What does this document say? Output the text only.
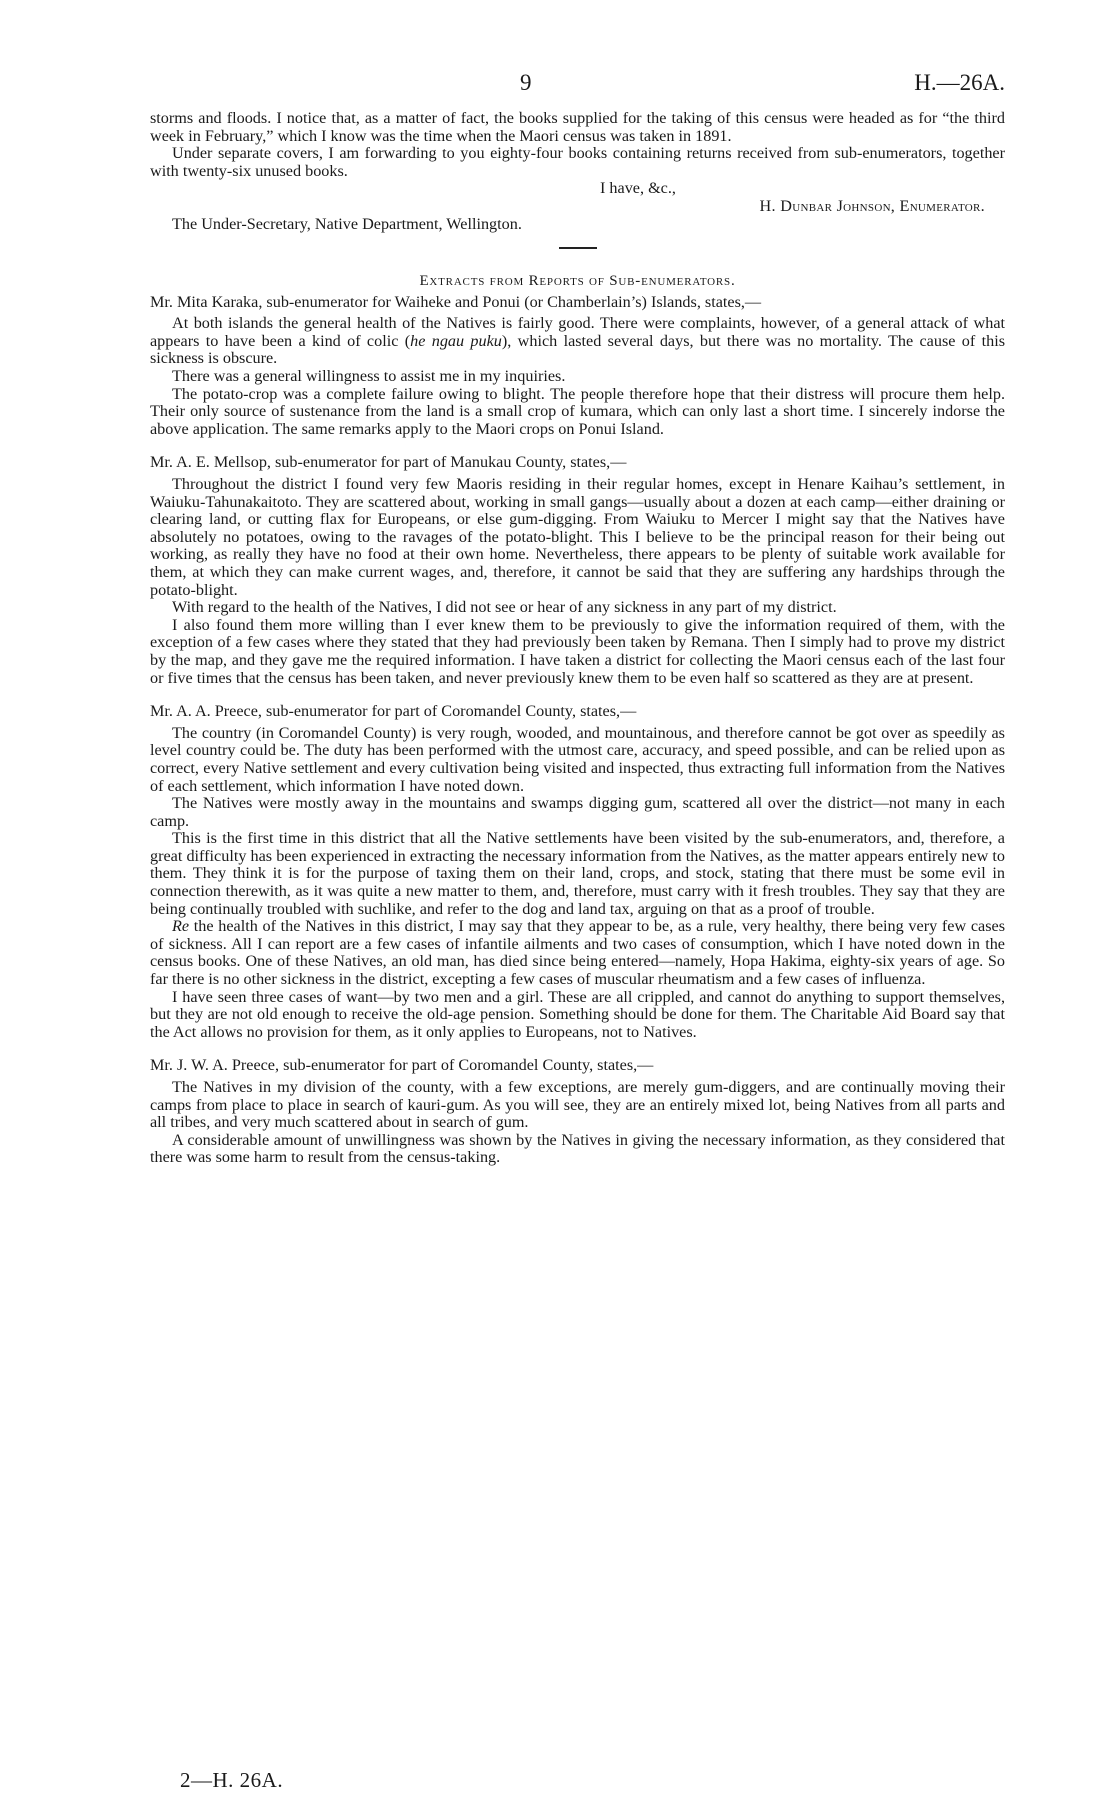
9	H.—26A.

storms and floods. I notice that, as a matter of fact, the books supplied for the taking of this census were headed as for “the third week in February,” which I know was the time when the Maori census was taken in 1891.

Under separate covers, I am forwarding to you eighty-four books containing returns received from sub-enumerators, together with twenty-six unused books.

I have, &c.,

H. Dunbar Johnson, Enumerator.

The Under-Secretary, Native Department, Wellington.

Extracts from Reports of Sub-enumerators.

Mr. Mita Karaka, sub-enumerator for Waiheke and Ponui (or Chamberlain’s) Islands, states,—

At both islands the general health of the Natives is fairly good. There were complaints, however, of a general attack of what appears to have been a kind of colic (he ngau puku), which lasted several days, but there was no mortality. The cause of this sickness is obscure.

There was a general willingness to assist me in my inquiries.

The potato-crop was a complete failure owing to blight. The people therefore hope that their distress will procure them help. Their only source of sustenance from the land is a small crop of kumara, which can only last a short time. I sincerely indorse the above application. The same remarks apply to the Maori crops on Ponui Island.

Mr. A. E. Mellsop, sub-enumerator for part of Manukau County, states,—

Throughout the district I found very few Maoris residing in their regular homes, except in Henare Kaihau’s settlement, in Waiuku-Tahunakaitoto. They are scattered about, working in small gangs—usually about a dozen at each camp—either draining or clearing land, or cutting flax for Europeans, or else gum-digging. From Waiuku to Mercer I might say that the Natives have absolutely no potatoes, owing to the ravages of the potato-blight. This I believe to be the principal reason for their being out working, as really they have no food at their own home. Nevertheless, there appears to be plenty of suitable work available for them, at which they can make current wages, and, therefore, it cannot be said that they are suffering any hardships through the potato-blight.

With regard to the health of the Natives, I did not see or hear of any sickness in any part of my district.

I also found them more willing than I ever knew them to be previously to give the information required of them, with the exception of a few cases where they stated that they had previously been taken by Remana. Then I simply had to prove my district by the map, and they gave me the required information. I have taken a district for collecting the Maori census each of the last four or five times that the census has been taken, and never previously knew them to be even half so scattered as they are at present.

Mr. A. A. Preece, sub-enumerator for part of Coromandel County, states,—

The country (in Coromandel County) is very rough, wooded, and mountainous, and therefore cannot be got over as speedily as level country could be. The duty has been performed with the utmost care, accuracy, and speed possible, and can be relied upon as correct, every Native settlement and every cultivation being visited and inspected, thus extracting full information from the Natives of each settlement, which information I have noted down.

The Natives were mostly away in the mountains and swamps digging gum, scattered all over the district—not many in each camp.

This is the first time in this district that all the Native settlements have been visited by the sub-enumerators, and, therefore, a great difficulty has been experienced in extracting the necessary information from the Natives, as the matter appears entirely new to them. They think it is for the purpose of taxing them on their land, crops, and stock, stating that there must be some evil in connection therewith, as it was quite a new matter to them, and, therefore, must carry with it fresh troubles. They say that they are being continually troubled with suchlike, and refer to the dog and land tax, arguing on that as a proof of trouble.

Re the health of the Natives in this district, I may say that they appear to be, as a rule, very healthy, there being very few cases of sickness. All I can report are a few cases of infantile ailments and two cases of consumption, which I have noted down in the census books. One of these Natives, an old man, has died since being entered—namely, Hopa Hakima, eighty-six years of age. So far there is no other sickness in the district, excepting a few cases of muscular rheumatism and a few cases of influenza.

I have seen three cases of want—by two men and a girl. These are all crippled, and cannot do anything to support themselves, but they are not old enough to receive the old-age pension. Something should be done for them. The Charitable Aid Board say that the Act allows no provision for them, as it only applies to Europeans, not to Natives.

Mr. J. W. A. Preece, sub-enumerator for part of Coromandel County, states,—

The Natives in my division of the county, with a few exceptions, are merely gum-diggers, and are continually moving their camps from place to place in search of kauri-gum. As you will see, they are an entirely mixed lot, being Natives from all parts and all tribes, and very much scattered about in search of gum.

A considerable amount of unwillingness was shown by the Natives in giving the necessary information, as they considered that there was some harm to result from the census-taking.

2—H. 26A.
